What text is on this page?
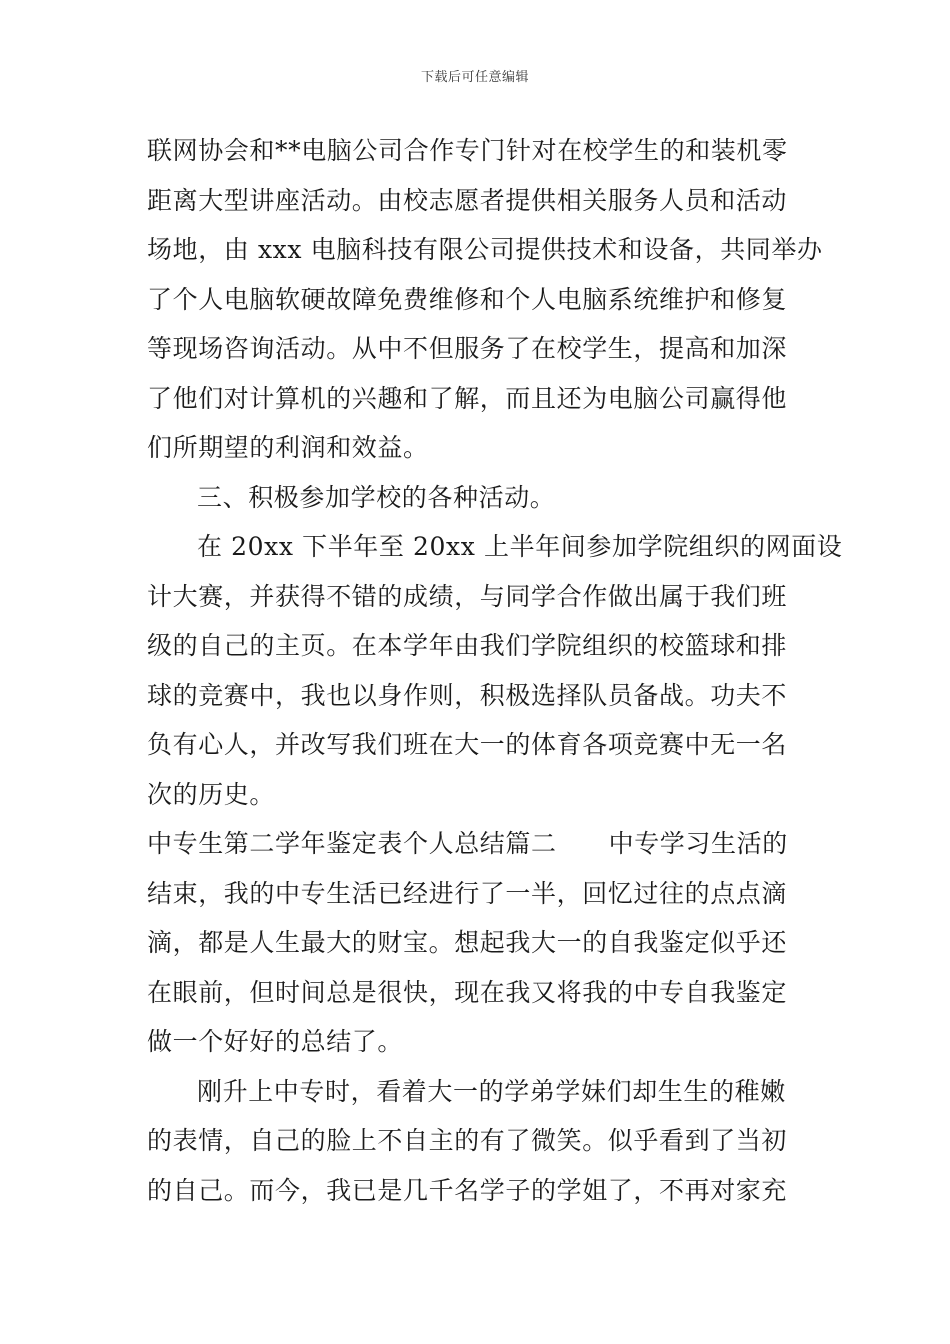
下载后可任意编辑
联网协会和**电脑公司合作专门针对在校学生的和装机零
距离大型讲座活动。由校志愿者提供相关服务人员和活动
场地，由 xxx 电脑科技有限公司提供技术和设备，共同举办
了个人电脑软硬故障免费维修和个人电脑系统维护和修复
等现场咨询活动。从中不但服务了在校学生，提高和加深
了他们对计算机的兴趣和了解，而且还为电脑公司赢得他
们所期望的利润和效益。
三、积极参加学校的各种活动。
在 20xx 下半年至 20xx 上半年间参加学院组织的网面设
计大赛，并获得不错的成绩，与同学合作做出属于我们班
级的自己的主页。在本学年由我们学院组织的校篮球和排
球的竞赛中，我也以身作则，积极选择队员备战。功夫不
负有心人，并改写我们班在大一的体育各项竞赛中无一名
次的历史。
中专生第二学年鉴定表个人总结篇二 中专学习生活的
结束，我的中专生活已经进行了一半，回忆过往的点点滴
滴，都是人生最大的财宝。想起我大一的自我鉴定似乎还
在眼前，但时间总是很快，现在我又将我的中专自我鉴定
做一个好好的总结了。
刚升上中专时，看着大一的学弟学妹们却生生的稚嫩
的表情，自己的脸上不自主的有了微笑。似乎看到了当初
的自己。而今，我已是几千名学子的学姐了，不再对家充
